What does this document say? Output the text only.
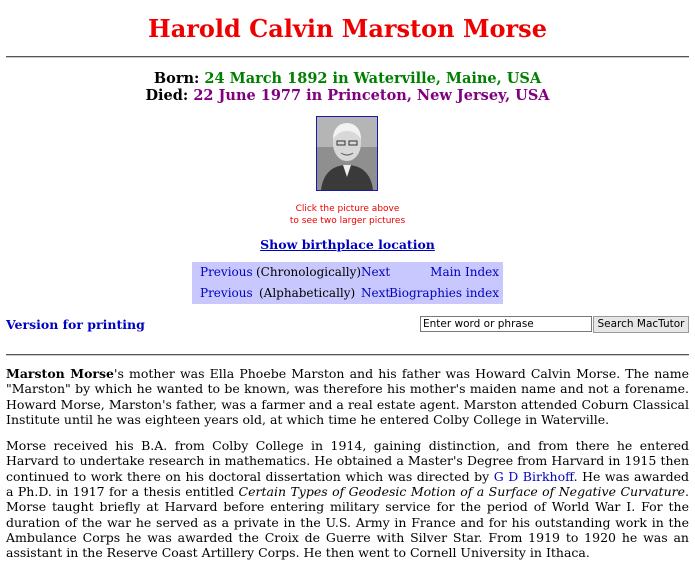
Harold Calvin Marston Morse
Born: 24 March 1892 in Waterville, Maine, USA
Died: 22 June 1977 in Princeton, New Jersey, USA
Click the picture above
to see two larger pictures
Show birthplace location
Previous (Chronologically) Next	Main Index
Previous (Alphabetically) Next
Biographies index
Version for printing
Enter word or phrase	Search MacTutor

Marston Morse's mother was Ella Phoebe Marston and his father was Howard Calvin Morse. The name "Marston" by which he wanted to be known, was therefore his mother's maiden name and not a forename. Howard Morse, Marston's father, was a farmer and a real estate agent. Marston attended Coburn Classical Institute until he was eighteen years old, at which time he entered Colby College in Waterville.

Morse received his B.A. from Colby College in 1914, gaining distinction, and from there he entered Harvard to undertake research in mathematics. He obtained a Master's Degree from Harvard in 1915 then continued to work there on his doctoral dissertation which was directed by G D Birkhoff. He was awarded a Ph.D. in 1917 for a thesis entitled Certain Types of Geodesic Motion of a Surface of Negative Curvature. Morse taught briefly at Harvard before entering military service for the period of World War I. For the duration of the war he served as a private in the U.S. Army in France and for his outstanding work in the Ambulance Corps he was awarded the Croix de Guerre with Silver Star. From 1919 to 1920 he was an assistant in the Reserve Coast Artillery Corps. He then went to Cornell University in Ithaca.
